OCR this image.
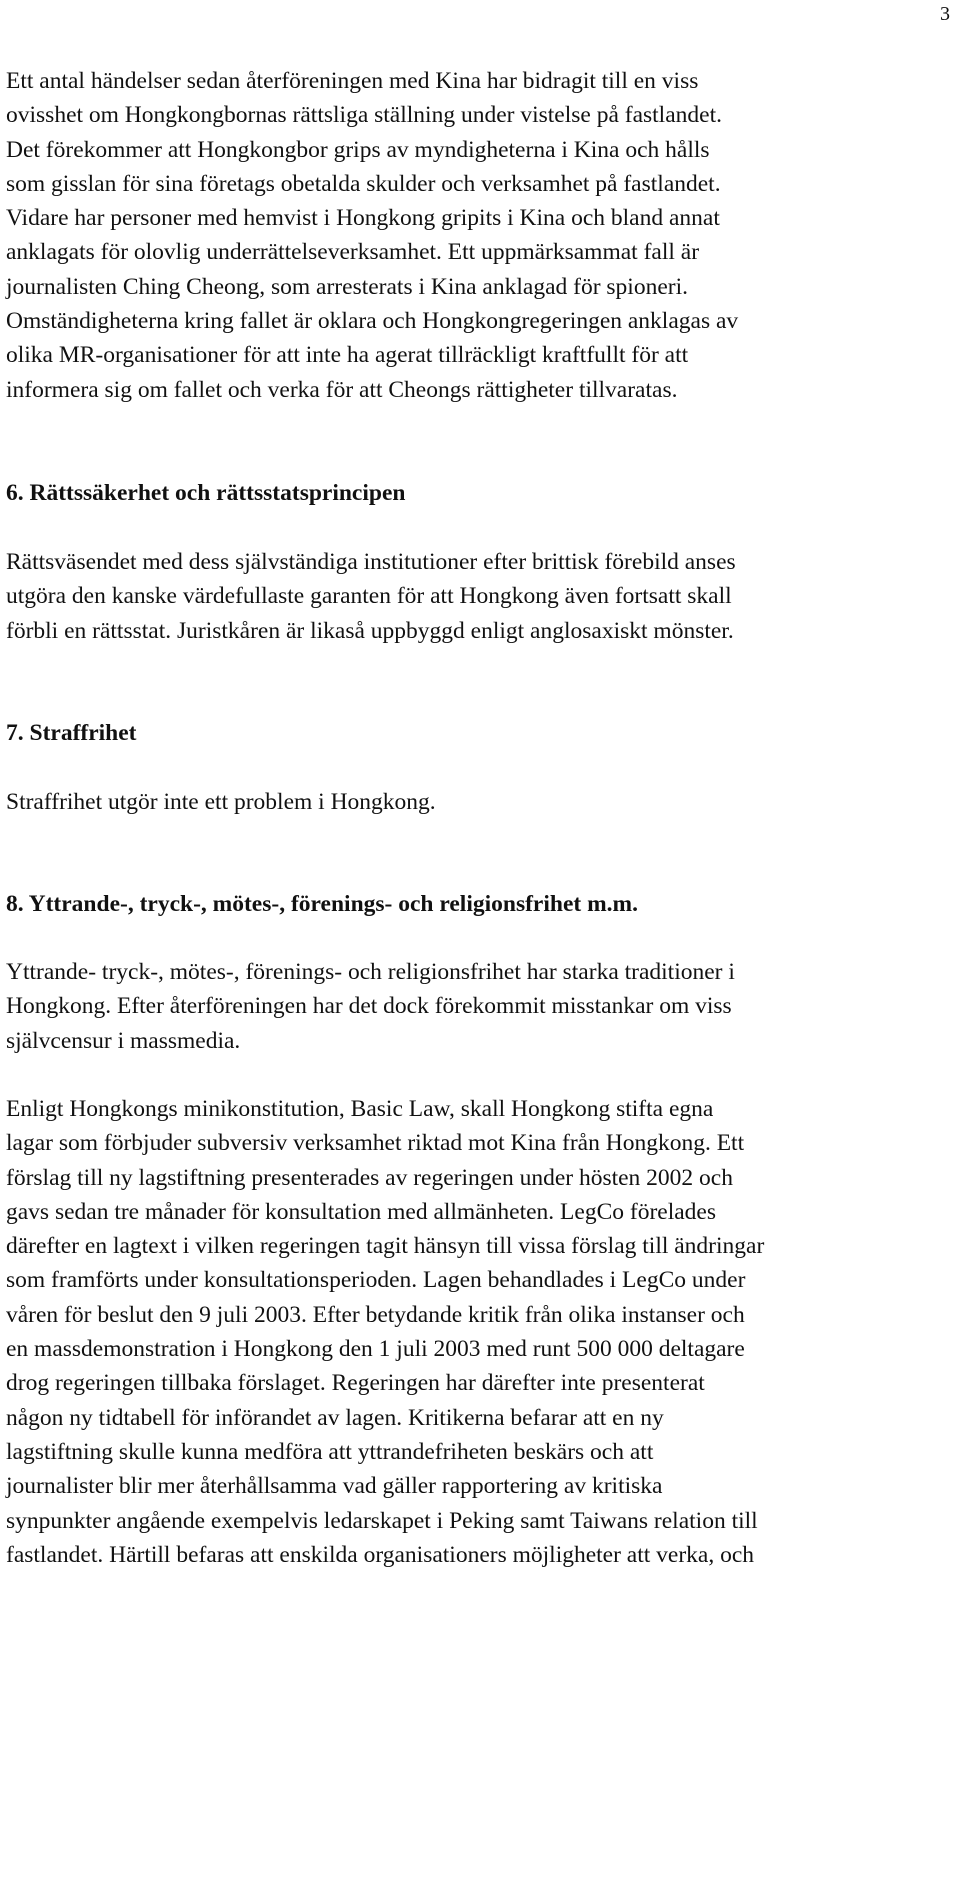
3

Ett antal händelser sedan återföreningen med Kina har bidragit till en viss
ovisshet om Hongkongbornas rättsliga ställning under vistelse på fastlandet.
Det förekommer att Hongkongbor grips av myndigheterna i Kina och hålls
som gisslan för sina företags obetalda skulder och verksamhet på fastlandet.
Vidare har personer med hemvist i Hongkong gripits i Kina och bland annat
anklagats för olovlig underrättelseverksamhet. Ett uppmärksammat fall är
journalisten Ching Cheong, som arresterats i Kina anklagad för spioneri.
Omständigheterna kring fallet är oklara och Hongkongregeringen anklagas av
olika MR-organisationer för att inte ha agerat tillräckligt kraftfullt för att
informera sig om fallet och verka för att Cheongs rättigheter tillvaratas.

6. Rättssäkerhet och rättsstatsprincipen

Rättsväsendet med dess självständiga institutioner efter brittisk förebild anses
utgöra den kanske värdefullaste garanten för att Hongkong även fortsatt skall
förbli en rättsstat. Juristkåren är likaså uppbyggd enligt anglosaxiskt mönster.

7. Straffrihet

Straffrihet utgör inte ett problem i Hongkong.

8. Yttrande-, tryck-, mötes-, förenings- och religionsfrihet m.m.

Yttrande- tryck-, mötes-, förenings- och religionsfrihet har starka traditioner i
Hongkong. Efter återföreningen har det dock förekommit misstankar om viss
självcensur i massmedia.

Enligt Hongkongs minikonstitution, Basic Law, skall Hongkong stifta egna
lagar som förbjuder subversiv verksamhet riktad mot Kina från Hongkong. Ett
förslag till ny lagstiftning presenterades av regeringen under hösten 2002 och
gavs sedan tre månader för konsultation med allmänheten. LegCo förelades
därefter en lagtext i vilken regeringen tagit hänsyn till vissa förslag till ändringar
som framförts under konsultationsperioden. Lagen behandlades i LegCo under
våren för beslut den 9 juli 2003. Efter betydande kritik från olika instanser och
en massdemonstration i Hongkong den 1 juli 2003 med runt 500 000 deltagare
drog regeringen tillbaka förslaget. Regeringen har därefter inte presenterat
någon ny tidtabell för införandet av lagen. Kritikerna befarar att en ny
lagstiftning skulle kunna medföra att yttrandefriheten beskärs och att
journalister blir mer återhållsamma vad gäller rapportering av kritiska
synpunkter angående exempelvis ledarskapet i Peking samt Taiwans relation till
fastlandet. Härtill befaras att enskilda organisationers möjligheter att verka, och
